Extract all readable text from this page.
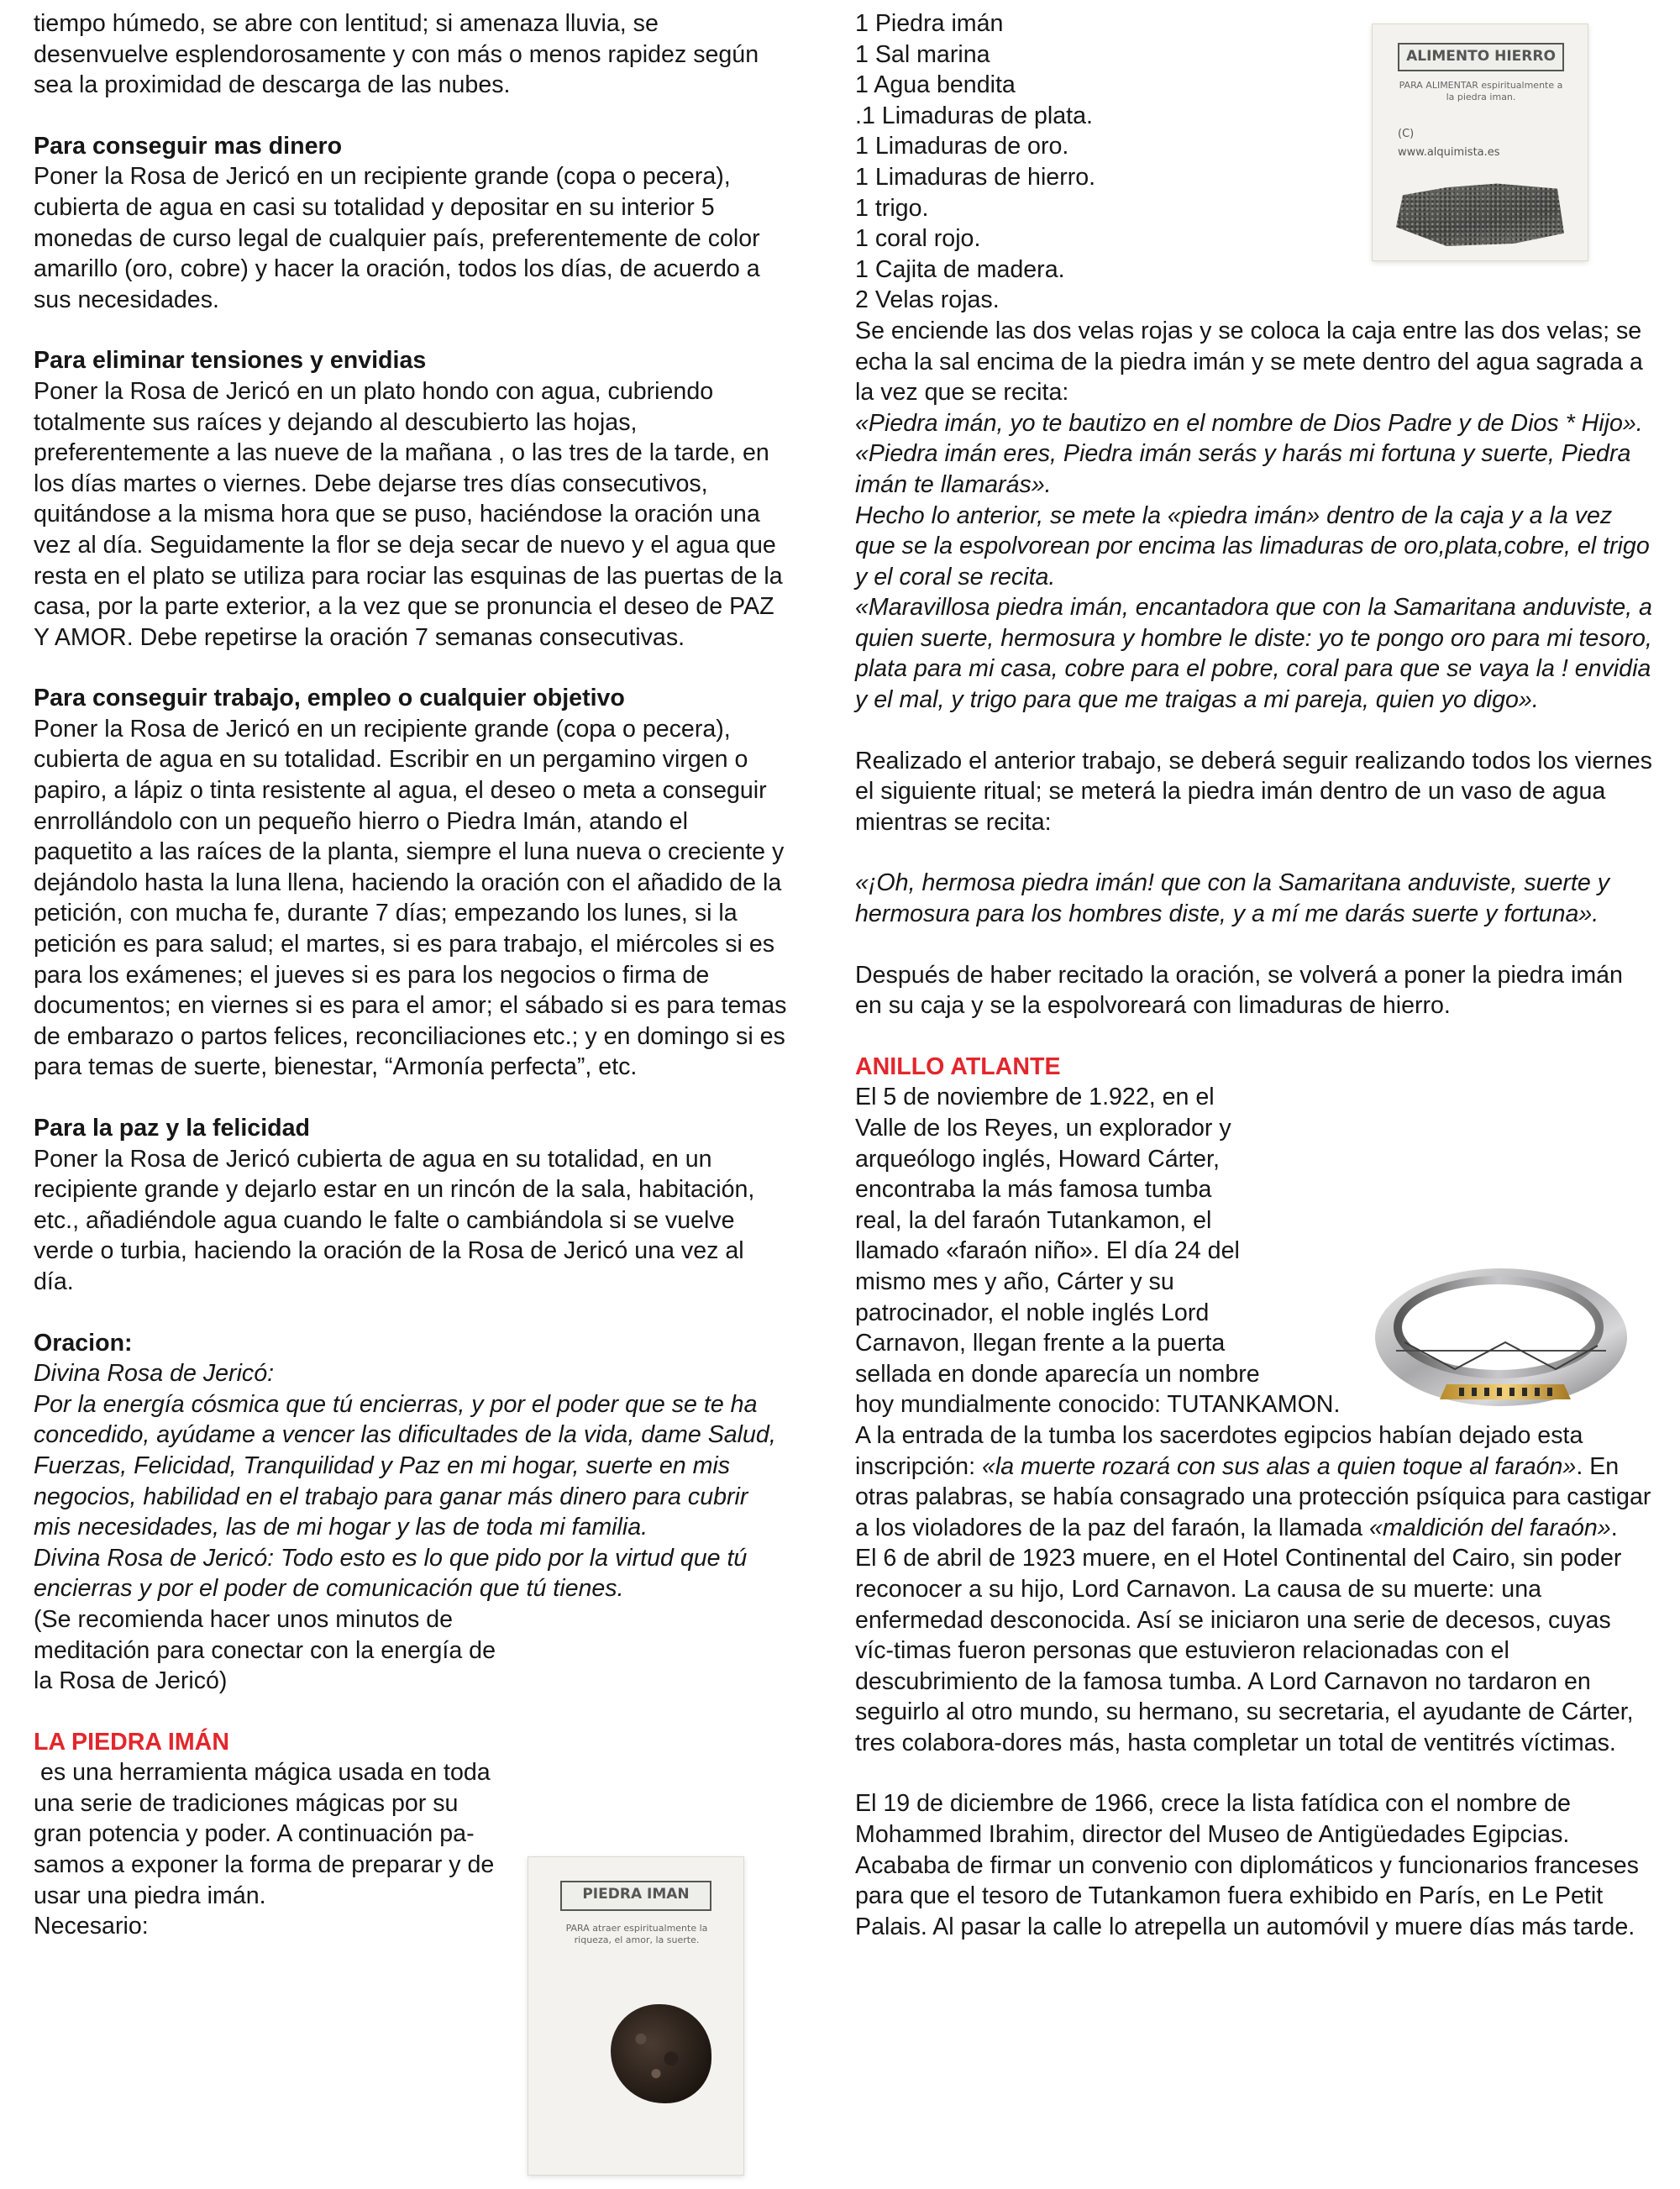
tiempo húmedo, se abre con lentitud; si amenaza lluvia, se desenvuelve esplendorosamente y con más o menos rapidez según sea la proximidad de descarga de las nubes.

Para conseguir mas dinero

Poner la Rosa de Jericó en un recipiente grande (copa o pecera), cubierta de agua en casi su totalidad y depositar en su interior 5 monedas de curso legal de cualquier país, preferentemente de color amarillo (oro, cobre) y hacer la oración, todos los días, de acuerdo a sus necesidades.

Para eliminar tensiones y envidias

Poner la Rosa de Jericó en un plato hondo con agua, cubriendo totalmente sus raíces y dejando al descubierto las hojas, preferentemente a las nueve de la mañana , o las tres de la tarde, en los días martes o viernes. Debe dejarse tres días consecutivos, quitándose a la misma hora que se puso, haciéndose la oración una vez al día. Seguidamente la flor se deja secar de nuevo y el agua que resta en el plato se utiliza para rociar las esquinas de las puertas de la casa, por la parte exterior, a la vez que se pronuncia el deseo de PAZ Y AMOR. Debe repetirse la oración 7 semanas consecutivas.

Para conseguir trabajo, empleo o cualquier objetivo

Poner la Rosa de Jericó en un recipiente grande (copa o pecera), cubierta de agua en su totalidad. Escribir en un pergamino virgen o papiro, a lápiz o tinta resistente al agua, el deseo o meta a conseguir enrrollándolo con un pequeño hierro o Piedra Imán, atando el paquetito a las raíces de la planta, siempre el luna nueva o creciente y dejándolo hasta la luna llena, haciendo la oración con el añadido de la petición, con mucha fe, durante 7 días; empezando los lunes, si la petición es para salud; el martes, si es para trabajo, el miércoles si es para los exámenes; el jueves si es para los negocios o firma de documentos; en viernes si es para el amor; el sábado si es para temas de embarazo o partos felices, reconciliaciones etc.; y en domingo si es para temas de suerte, bienestar, “Armonía perfecta”, etc.

Para la paz y la felicidad

Poner la Rosa de Jericó cubierta de agua en su totalidad, en un recipiente grande y dejarlo estar en un rincón de la sala, habitación, etc., añadiéndole agua cuando le falte o cambiándola si se vuelve verde o turbia, haciendo la oración de la Rosa de Jericó una vez al día.

Oracion:

Divina Rosa de Jericó:

Por la energía cósmica que tú encierras, y por el poder que se te ha concedido, ayúdame a vencer las dificultades de la vida, dame Salud, Fuerzas, Felicidad, Tranquilidad y Paz en mi hogar, suerte en mis negocios, habilidad en el trabajo para ganar más dinero para cubrir mis necesidades, las de mi hogar y las de toda mi familia.

Divina Rosa de Jericó: Todo esto es lo que pido por la virtud que tú encierras y por el poder de comunicación que tú tienes.

(Se recomienda hacer unos minutos de meditación para conectar con la energía de la Rosa de Jericó)

LA PIEDRA IMÁN

es una herramienta mágica usada en toda una serie de tradiciones mágicas por su gran potencia y poder. A continuación pa-samos a exponer la forma de preparar y de usar una piedra imán.

Necesario:

1 Piedra imán
1 Sal marina
1 Agua bendita
.1 Limaduras de plata.
1 Limaduras de oro.
1 Limaduras de hierro.
1 trigo.
1 coral rojo.
1 Cajita de madera.
2 Velas rojas.

Se enciende las dos velas rojas y se coloca la caja entre las dos velas; se echa la sal encima de la piedra imán y se mete dentro del agua sagrada a la vez que se recita:

«Piedra imán, yo te bautizo en el nombre de Dios Padre y de Dios * Hijo».

«Piedra imán eres, Piedra imán serás y harás mi fortuna y suerte, Piedra imán te llamarás».

Hecho lo anterior, se mete la «piedra imán» dentro de la caja y a la vez que se la espolvorean por encima las limaduras de oro,plata,cobre, el trigo y el coral se recita.

«Maravillosa piedra imán, encantadora que con la Samaritana anduviste, a quien suerte, hermosura y hombre le diste: yo te pongo oro para mi tesoro, plata para mi casa, cobre para el pobre, coral para que se vaya la ! envidia y el mal, y trigo para que me traigas a mi pareja, quien yo digo».

Realizado el anterior trabajo, se deberá seguir realizando todos los viernes el siguiente ritual; se meterá la piedra imán dentro de un vaso de agua mientras se recita:

«¡Oh, hermosa piedra imán! que con la Samaritana anduviste, suerte y hermosura para los hombres diste, y a mí me darás suerte y fortuna».

Después de haber recitado la oración, se volverá a poner la piedra imán en su caja y se la espolvoreará con limaduras de hierro.

ANILLO ATLANTE

El 5 de noviembre de 1.922, en el

Valle de los Reyes, un explorador y

arqueólogo inglés, Howard Cárter,

encontraba la más famosa tumba

real, la del faraón Tutankamon, el

llamado «faraón niño». El día 24 del

mismo mes y año, Cárter y su

patrocinador, el noble inglés Lord

Carnavon, llegan frente a la puerta

sellada en donde aparecía un nombre

hoy mundialmente conocido: TUTANKAMON.

A la entrada de la tumba los sacerdotes egipcios habían dejado esta inscripción: «la muerte rozará con sus alas a quien toque al faraón». En otras palabras, se había consagrado una protección psíquica para castigar a los violadores de la paz del faraón, la llamada «maldición del faraón».

El 6 de abril de 1923 muere, en el Hotel Continental del Cairo, sin poder reconocer a su hijo, Lord Carnavon. La causa de su muerte: una enfermedad desconocida. Así se iniciaron una serie de decesos, cuyas víc-timas fueron personas que estuvieron relacionadas con el descubrimiento de la famosa tumba. A Lord Carnavon no tardaron en seguirlo al otro mundo, su hermano, su secretaria, el ayudante de Cárter, tres colabora-dores más, hasta completar un total de ventitrés víctimas.

El 19 de diciembre de 1966, crece la lista fatídica con el nombre de Mohammed Ibrahim, director del Museo de Antigüedades Egipcias. Acababa de firmar un convenio con diplomáticos y funcionarios franceses para que el tesoro de Tutankamon fuera exhibido en París, en Le Petit Palais. Al pasar la calle lo atrepella un automóvil y muere días más tarde.

ALIMENTO HIERRO
PARA ALIMENTAR espiritualmente a la piedra iman.
(C)
www.alquimista.es
PIEDRA IMAN
PARA atraer espiritualmente la riqueza, el amor, la suerte.
